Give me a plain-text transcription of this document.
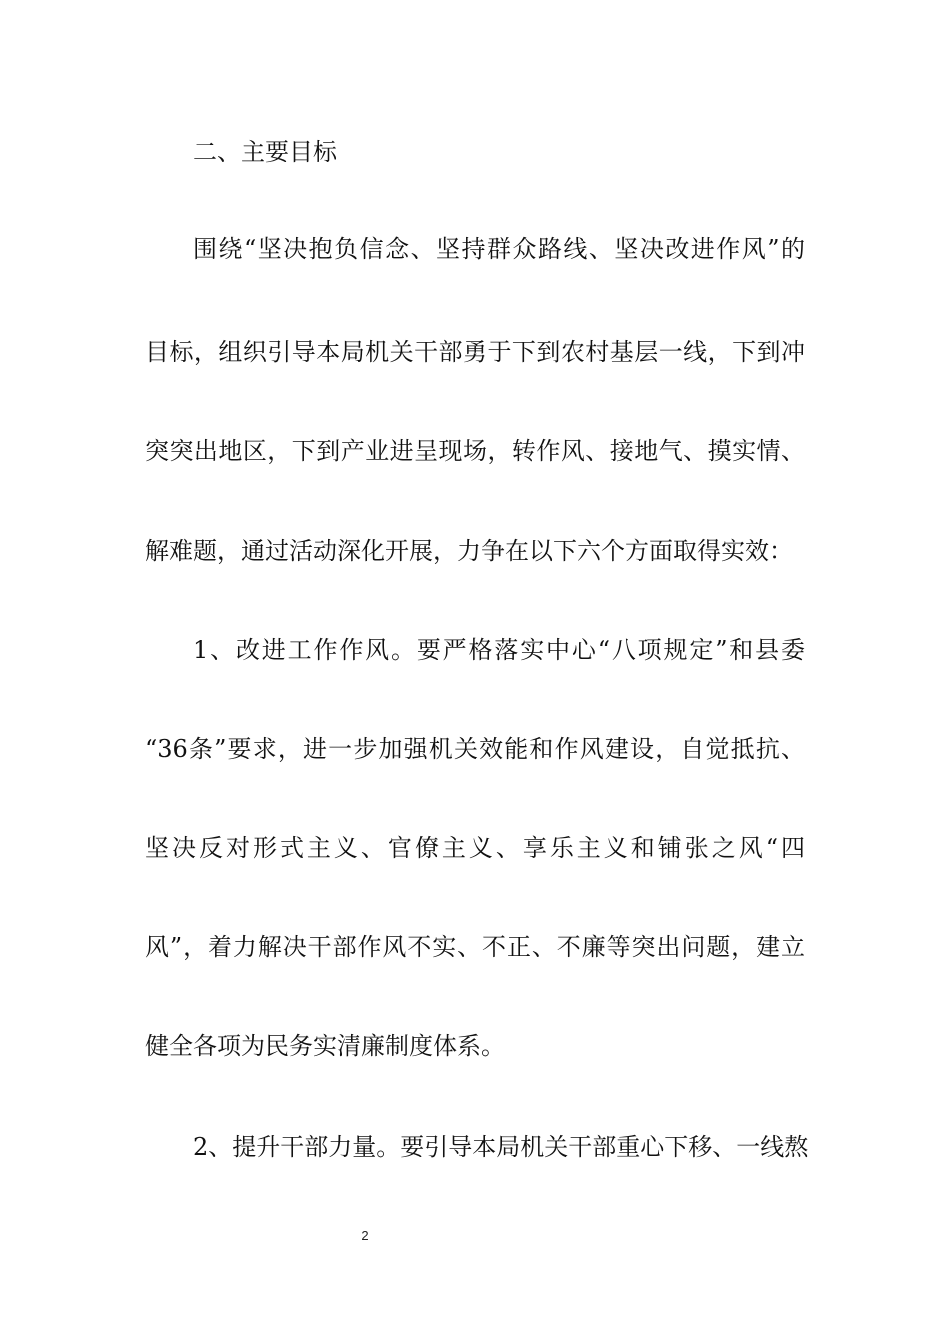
二、主要目标
围绕“坚决抱负信念、坚持群众路线、坚决改进作风”的
目标，组织引导本局机关干部勇于下到农村基层一线，下到冲
突突出地区，下到产业进呈现场，转作风、接地气、摸实情、
解难题，通过活动深化开展，力争在以下六个方面取得实效：
1、改进工作作风。要严格落实中心“八项规定”和县委
“36条”要求，进一步加强机关效能和作风建设，自觉抵抗、
坚决反对形式主义、官僚主义、享乐主义和铺张之风“四
风”，着力解决干部作风不实、不正、不廉等突出问题，建立
健全各项为民务实清廉制度体系。
2、提升干部力量。要引导本局机关干部重心下移、一线熬
2
